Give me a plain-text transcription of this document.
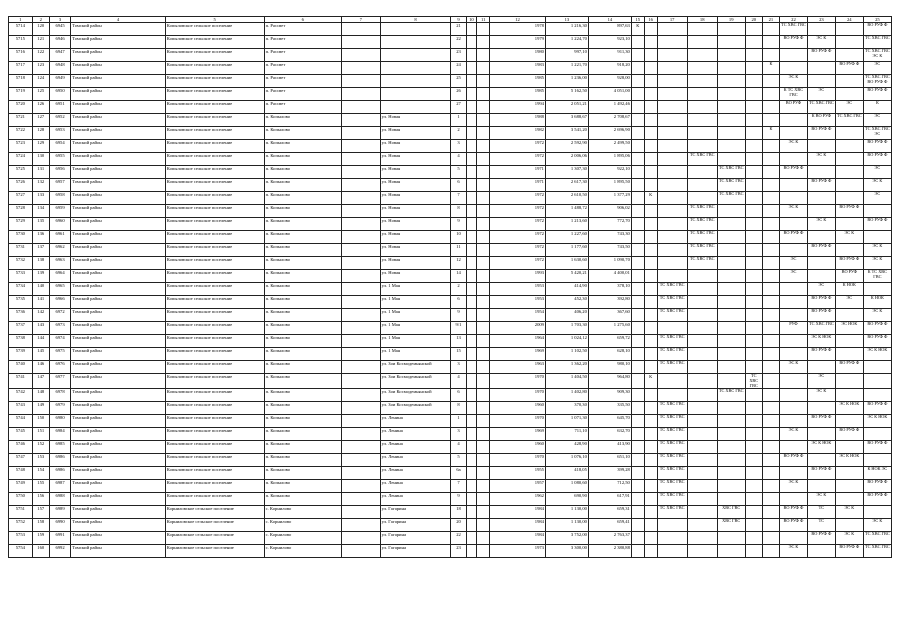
1	2	3	4	5	6	7	8	9	10	11	12	13	14	15	16	17	18	19	20	21	22	23	24	25
5714	120	6945	Томский район	Копыловское сельское поселение	п. Рассвет			21			1978	1 216,30	897,63	К							ТС ХВС ГВС			ВО РУФ Ф
5715	121	6946	Томский район	Копыловское сельское поселение	п. Рассвет			22			1979	1 224,70	923,10								ВО РУФ Ф	ЭС К		ТС ХВС ГВС
5716	122	6947	Томский район	Копыловское сельское поселение	п. Рассвет			23			1980	997,10	911,30									ВО РУФ Ф		ТС ХВС ГВС ЭС К
5717	123	6948	Томский район	Копыловское сельское поселение	п. Рассвет			24			1983	1 221,70	918,20							К			ВО РУФ Ф	ЭС
5718	124	6949	Томский район	Копыловское сельское поселение	п. Рассвет			25			1985	1 236,00	928,00								ЭС К			ТС ХВС ГВС ВО РУФ Ф
5719	125	6950	Томский район	Копыловское сельское поселение	п. Рассвет			26			1985	5 162,50	4 051,00								К ТС ХВС ГВС	ЭС		ВО РУФ Ф
5720	126	6951	Томский район	Копыловское сельское поселение	п. Рассвет			27			1994	2 051,21	1 492,46								ВО РУФ	ТС ХВС ГВС	ЭС	К
5721	127	6952	Томский район	Копыловское сельское поселение	п. Копылово		ул. Новая	1			1988	3 688,67	2 708,67									К ВО РУФ	ТС ХВС ГВС	ЭС
5722	128	6953	Томский район	Копыловское сельское поселение	п. Копылово		ул. Новая	2			1982	3 541,20	2 696,90							К		ВО РУФ Ф		ТС ХВС ГВС ЭС
5723	129	6954	Томский район	Копыловское сельское поселение	п. Копылово		ул. Новая	3			1972	2 592,90	2 499,50								ЭС К			ВО РУФ Ф
5724	130	6955	Томский район	Копыловское сельское поселение	п. Копылово		ул. Новая	4			1972	2 006,06	1 895,06				ТС ХВС ГВС					ЭС К		ВО РУФ Ф
5725	131	6956	Томский район	Копыловское сельское поселение	п. Копылово		ул. Новая	5			1971	1 307,30	922,10					ТС ХВС ГВС			ВО РУФ Ф			ЭС
5726	132	6957	Томский район	Копыловское сельское поселение	п. Копылово		ул. Новая	6			1971	2 617,30	1 895,50					ТС ХВС ГВС				ВО РУФ Ф		ЭС К
5727	133	6958	Томский район	Копыловское сельское поселение	п. Копылово		ул. Новая	7			1972	2 610,50	1 377,29		К			ТС ХВС ГВС						ЭС
5728	134	6959	Томский район	Копыловское сельское поселение	п. Копылово		ул. Новая	8			1972	1 488,72	906,02				ТС ХВС ГВС				ЭС К		ВО РУФ Ф	
5729	135	6960	Томский район	Копыловское сельское поселение	п. Копылово		ул. Новая	9			1972	1 213,60	772,70				ТС ХВС ГВС					ЭС К		ВО РУФ Ф
5730	136	6961	Томский район	Копыловское сельское поселение	п. Копылово		ул. Новая	10			1972	1 227,60	743,30				ТС ХВС ГВС				ВО РУФ Ф		ЭС К	
5731	137	6962	Томский район	Копыловское сельское поселение	п. Копылово		ул. Новая	11			1972	1 177,60	743,50				ТС ХВС ГВС					ВО РУФ Ф		ЭС К
5732	138	6963	Томский район	Копыловское сельское поселение	п. Копылово		ул. Новая	12			1972	1 630,60	1 090,70				ТС ХВС ГВС				ЭС		ВО РУФ Ф	ЭС К
5733	139	6964	Томский район	Копыловское сельское поселение	п. Копылово		ул. Новая	14			1993	5 420,21	4 400,01								ЭС		ВО РУФ	К ТС ХВС ГВС
5734	140	6965	Томский район	Копыловское сельское поселение	п. Копылово		ул. 1 Мая	2			1953	414,90	378,10			ТС ХВС ГВС						ЭС	К НОК	
5735	141	6966	Томский район	Копыловское сельское поселение	п. Копылово		ул. 1 Мая	6			1953	452,30	392,80			ТС ХВС ГВС						ВО РУФ Ф	ЭС	К НОК
5736	142	6972	Томский район	Копыловское сельское поселение	п. Копылово		ул. 1 Мая	9			1954	406,20	367,60			ТС ХВС ГВС						ВО РУФ Ф		ЭС К
5737	143	6973	Томский район	Копыловское сельское поселение	п. Копылово		ул. 1 Мая	9/1			2009	1 703,30	1 275,60								РУФ	ТС ХВС ГВС	ЭС НОК	ВО РУФ Ф
5738	144	6974	Томский район	Копыловское сельское поселение	п. Копылово		ул. 1 Мая	13			1964	1 024,12	659,72			ТС ХВС ГВС						ЭС К НОК		ВО РУФ Ф
5739	145	6975	Томский район	Копыловское сельское поселение	п. Копылово		ул. 1 Мая	15			1969	1 102,50	628,10			ТС ХВС ГВС						ВО РУФ Ф		ЭС К НОК
5740	146	6976	Томский район	Копыловское сельское поселение	п. Копылово		ул. Зои Космодемьянской	3			1963	1 362,20	980,10			ТС ХВС ГВС					ЭС К		ВО РУФ Ф	
5741	147	6977	Томский район	Копыловское сельское поселение	п. Копылово		ул. Зои Космодемьянской	4			1970	1 404,50	964,80		К				ТС ХВС ГВС			ЭС		
5742	148	6978	Томский район	Копыловское сельское поселение	п. Копылово		ул. Зои Космодемьянской	6			1970	1 402,80	909,30					ТС ХВС ГВС				ЭС К		
5743	149	6979	Томский район	Копыловское сельское поселение	п. Копылово		ул. Зои Космодемьянской	8			1960	370,30	335,50			ТС ХВС ГВС							ЭС К НОК	ВО РУФ Ф
5744	150	6980	Томский район	Копыловское сельское поселение	п. Копылово		ул. Ленина	1			1970	1 071,30	645,70			ТС ХВС ГВС						ВО РУФ Ф		ЭС К НОК
5745	151	6984	Томский район	Копыловское сельское поселение	п. Копылово		ул. Ленина	3			1969	711,10	632,70			ТС ХВС ГВС					ЭС К		ВО РУФ Ф	
5746	152	6985	Томский район	Копыловское сельское поселение	п. Копылово		ул. Ленина	4			1960	428,90	413,90			ТС ХВС ГВС						ЭС К НОК		ВО РУФ Ф
5747	153	6986	Томский район	Копыловское сельское поселение	п. Копылово		ул. Ленина	5			1970	1 076,10	651,10			ТС ХВС ГВС					ВО РУФ Ф		ЭС К НОК	
5748	154	6986	Томский район	Копыловское сельское поселение	п. Копылово		ул. Ленина	6а			1955	418,05	399,28			ТС ХВС ГВС						ВО РУФ Ф		К НОК ЭС
5749	155	6987	Томский район	Копыловское сельское поселение	п. Копылово		ул. Ленина	7			1957	1 080,60	712,50			ТС ХВС ГВС					ЭС К			ВО РУФ Ф
5750	156	6988	Томский район	Копыловское сельское поселение	п. Копылово		ул. Ленина	9			1962	690,90	617,91			ТС ХВС ГВС						ЭС К		ВО РУФ Ф
5751	157	6989	Томский район	Корниловское сельское поселение	с. Корнилово		ул. Гагарина	18			1984	1 130,00	659,31			ТС ХВС ГВС		ХВС ГВС			ВО РУФ Ф	ТС	ЭС К	
5752	158	6990	Томский район	Корниловское сельское поселение	с. Корнилово		ул. Гагарина	20			1984	1 130,00	659,41					ХВС ГВС			ВО РУФ Ф	ТС		ЭС К
5753	159	6991	Томский район	Корниловское сельское поселение	с. Корнилово		ул. Гагарина	22			1984	3 752,00	2 763,37									ВО РУФ Ф	ЭС К	ТС ХВС ГВС
5754	160	6992	Томский район	Корниловское сельское поселение	с. Корнилово		ул. Гагарина	23			1973	3 300,00	2 380,88								ЭС К		ВО РУФ Ф	ТС ХВС ГВС
